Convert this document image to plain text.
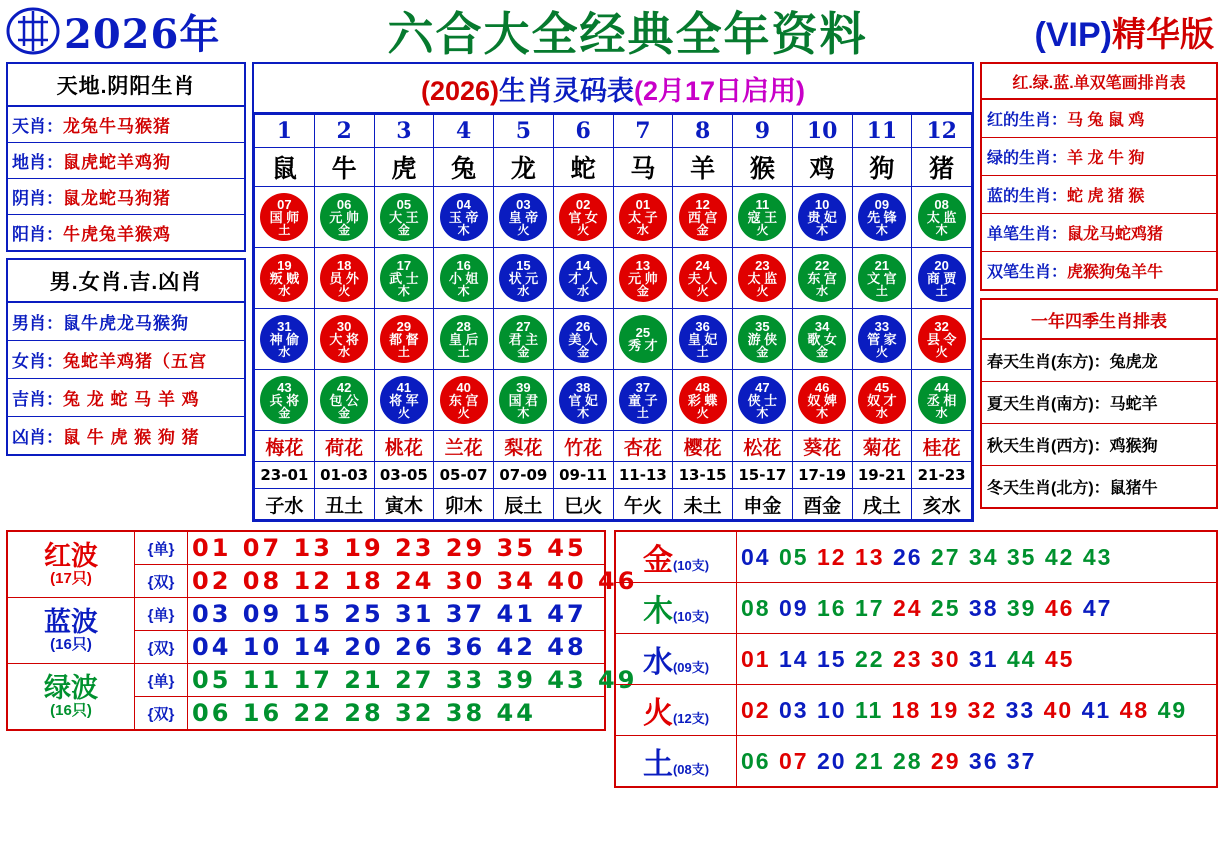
2026年	六合大全经典全年资料	(VIP)精华版
天地.阴阳生肖
天肖： 龙兔牛马猴猪
地肖： 鼠虎蛇羊鸡狗
阴肖： 鼠龙蛇马狗猪
阳肖： 牛虎兔羊猴鸡
男.女肖.吉.凶肖
男肖： 鼠牛虎龙马猴狗
女肖： 兔蛇羊鸡猪（五宫
吉肖： 兔 龙 蛇 马 羊 鸡
凶肖： 鼠 牛 虎 猴 狗 猪
(2026)生肖灵码表(2月17日启用)
1	2	3	4	5	6	7	8	9	10	11	12
鼠	牛	虎	兔	龙	蛇	马	羊	猴	鸡	狗	猪

07
国 师
土	06
元 帅
金	05
大 王
金	04
玉 帝
木	03
皇 帝
火	02
官 女
火	01
太 子
水	12
西 宫
金	11
寇 王
火	10
贵 妃
木	09
先 锋
木	08
太 监
木

19
叛 贼
水	18
员 外
火	17
武 士
木	16
小 姐
木	15
状 元
水	14
才 人
水	13
元 帅
金	24
夫 人
火	23
太 监
火	22
东 宫
水	21
文 官
土	20
商 贾
土

31
神 偷
水	30
大 将
水	29
都 督
土	28
皇 后
土	27
君 主
金	26
美 人
金	25
秀 才	36
皇 妃
土	35
游 侠
金	34
歌 女
金	33
管 家
火	32
县 令
火

43
兵 将
金	42
包 公
金	41
将 军
火	40
东 宫
火	39
国 君
木	38
官 妃
木	37
童 子
土	48
彩 蝶
火	47
侠 士
木	46
奴 婢
木	45
奴 才
水	44
丞 相
水

梅花	荷花	桃花	兰花	梨花	竹花	杏花	樱花	松花	葵花	菊花	桂花
23-01	01-03	03-05	05-07	07-09	09-11	11-13	13-15	15-17	17-19	19-21	21-23
子水	丑土	寅木	卯木	辰土	巳火	午火	未土	申金	酉金	戌土	亥水
红.绿.蓝.单双笔画排肖表
红的生肖：马 兔 鼠 鸡
绿的生肖：羊 龙 牛 狗
蓝的生肖：蛇 虎 猪 猴
单笔生肖：鼠龙马蛇鸡猪
双笔生肖：虎猴狗兔羊牛
一年四季生肖排表
春天生肖(东方)：兔虎龙
夏天生肖(南方)：马蛇羊
秋天生肖(西方)：鸡猴狗
冬天生肖(北方)：鼠猪牛
红波
(17只)	{单}	01 07 13 19 23 29 35 45
	{双}	02 08 12 18 24 30 34 40 46
蓝波
(16只)	{单}	03 09 15 25 31 37 41 47
	{双}	04 10 14 20 26 36 42 48
绿波
(16只)	{单}	05 11 17 21 27 33 39 43 49
	{双}	06 16 22 28 32 38 44
金(10支)	04 05 12 13 26 27 34 35 42 43
木(10支)	08 09 16 17 24 25 38 39 46 47
水(09支)	01 14 15 22 23 30 31 44 45
火(12支)	02 03 10 11 18 19 32 33 40 41 48 49
土(08支)	06 07 20 21 28 29 36 37
